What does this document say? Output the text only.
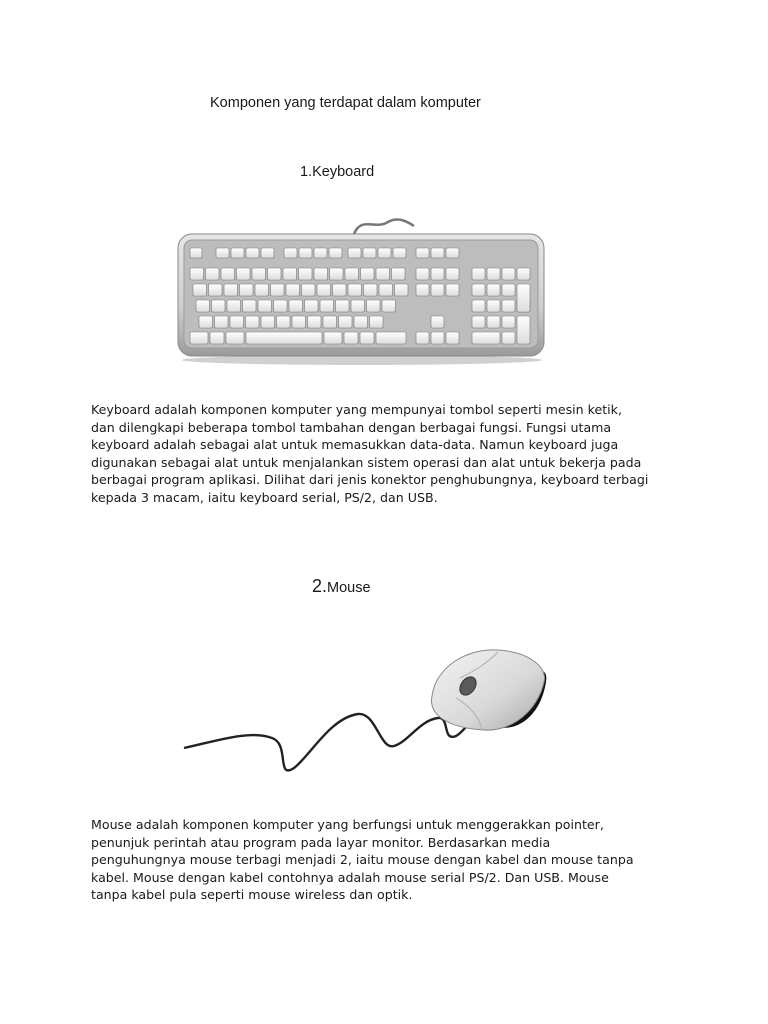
Komponen yang terdapat dalam komputer
1.Keyboard
Keyboard adalah komponen komputer yang mempunyai tombol seperti mesin ketik,
dan dilengkapi beberapa tombol tambahan dengan berbagai fungsi. Fungsi utama
keyboard adalah sebagai alat untuk memasukkan data-data. Namun keyboard juga
digunakan sebagai alat untuk menjalankan sistem operasi dan alat untuk bekerja pada
berbagai program aplikasi. Dilihat dari jenis konektor penghubungnya, keyboard terbagi
kepada 3 macam, iaitu keyboard serial, PS/2, dan USB.
2.Mouse
Mouse adalah komponen komputer yang berfungsi untuk menggerakkan pointer,
penunjuk perintah atau program pada layar monitor. Berdasarkan media
penguhungnya mouse terbagi menjadi 2, iaitu mouse dengan kabel dan mouse tanpa
kabel. Mouse dengan kabel contohnya adalah mouse serial PS/2. Dan USB. Mouse
tanpa kabel pula seperti mouse wireless dan optik.
